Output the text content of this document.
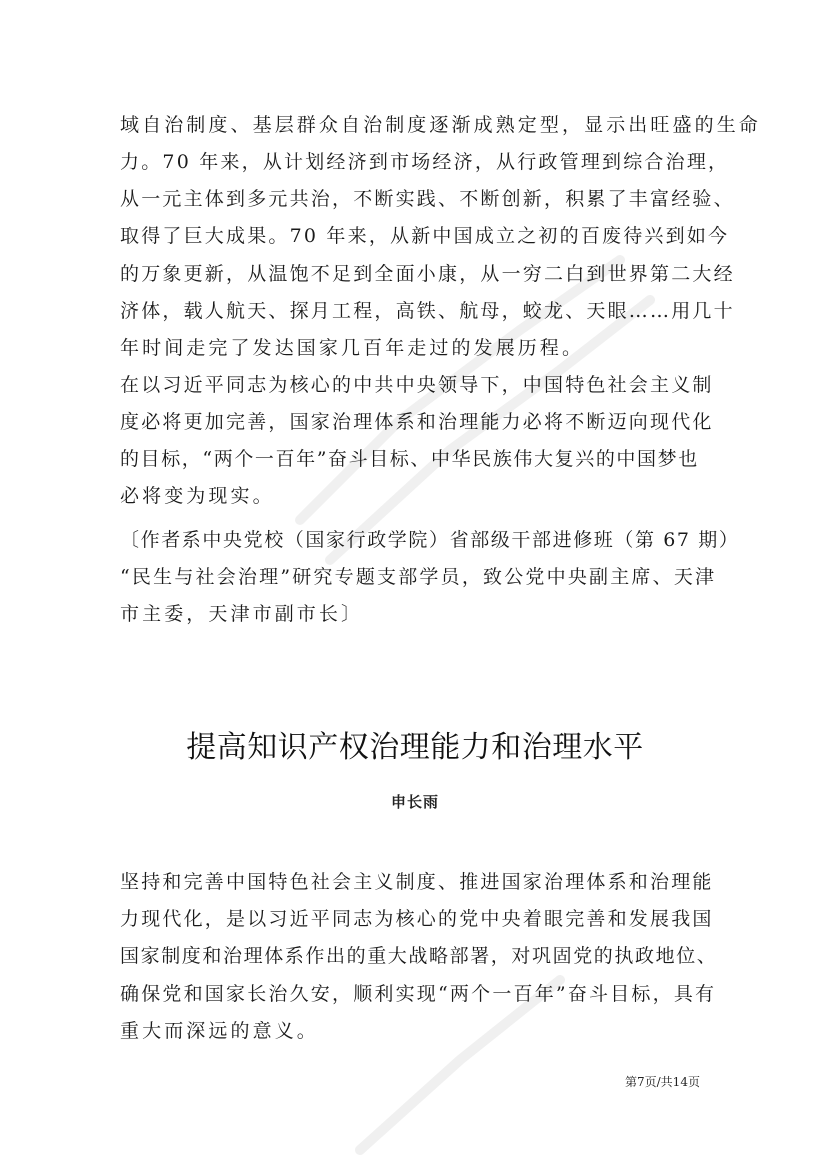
域自治制度、基层群众自治制度逐渐成熟定型，显示出旺盛的生命
力。70 年来，从计划经济到市场经济，从行政管理到综合治理，
从一元主体到多元共治，不断实践、不断创新，积累了丰富经验、
取得了巨大成果。70 年来，从新中国成立之初的百废待兴到如今
的万象更新，从温饱不足到全面小康，从一穷二白到世界第二大经
济体，载人航天、探月工程，高铁、航母，蛟龙、天眼……用几十
年时间走完了发达国家几百年走过的发展历程。
在以习近平同志为核心的中共中央领导下，中国特色社会主义制
度必将更加完善，国家治理体系和治理能力必将不断迈向现代化
的目标，“两个一百年”奋斗目标、中华民族伟大复兴的中国梦也
必将变为现实。
〔作者系中央党校（国家行政学院）省部级干部进修班（第 67 期）
“民生与社会治理”研究专题支部学员，致公党中央副主席、天津
市主委，天津市副市长〕
提高知识产权治理能力和治理水平
申长雨
坚持和完善中国特色社会主义制度、推进国家治理体系和治理能
力现代化，是以习近平同志为核心的党中央着眼完善和发展我国
国家制度和治理体系作出的重大战略部署，对巩固党的执政地位、
确保党和国家长治久安，顺利实现“两个一百年”奋斗目标，具有
重大而深远的意义。
第7页/共14页
